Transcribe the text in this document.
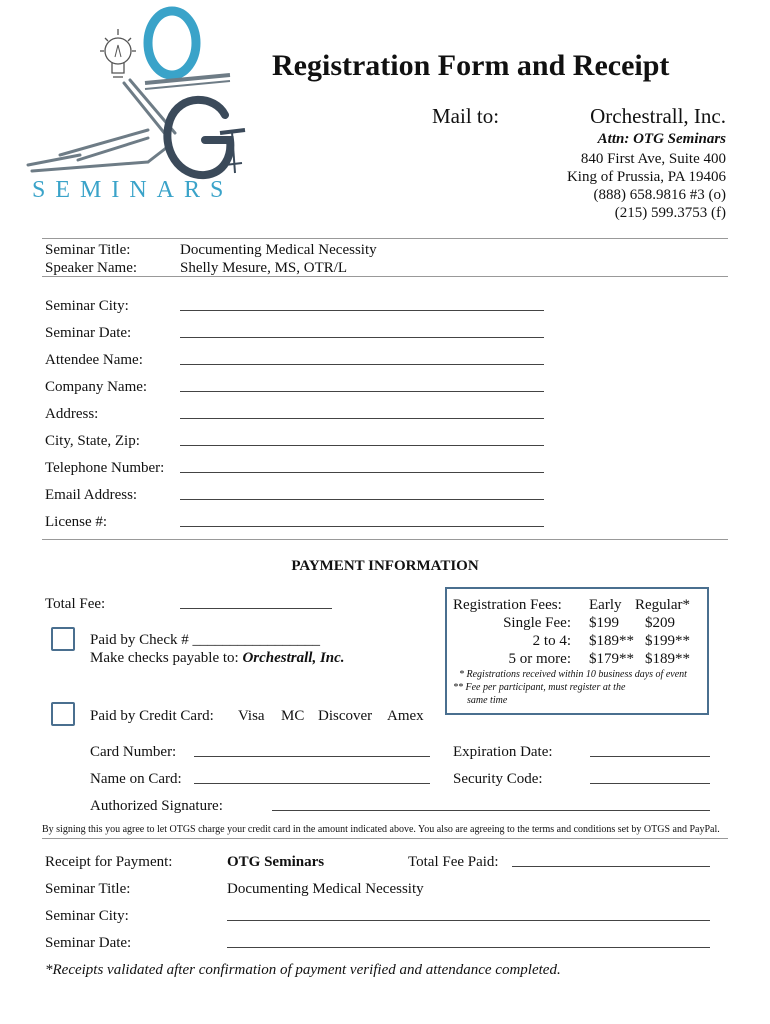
SEMINARS
Registration Form and Receipt
Mail to:	Orchestrall, Inc.
Attn: OTG Seminars
840 First Ave, Suite 400
King of Prussia, PA 19406
(888) 658.9816 #3 (o)
(215) 599.3753 (f)
Seminar Title:	Documenting Medical Necessity
Speaker Name:	Shelly Mesure, MS, OTR/L
Seminar City:
Seminar Date:
Attendee Name:
Company Name:
Address:
City, State, Zip:
Telephone Number:
Email Address:
License #:
PAYMENT INFORMATION
Total Fee:
Paid by Check # _________________
Make checks payable to: Orchestrall, Inc.
Registration Fees: Early Regular*
Single Fee: $199 $209
2 to 4: $189** $199**
5 or more: $179** $189**
* Registrations received within 10 business days of event
** Fee per participant, must register at the
same time
Paid by Credit Card: Visa MC Discover Amex
Card Number:	Expiration Date:
Name on Card:	Security Code:
Authorized Signature:
By signing this you agree to let OTGS charge your credit card in the amount indicated above. You also are agreeing to the terms and conditions set by OTGS and PayPal.
Receipt for Payment:	OTG Seminars	Total Fee Paid:
Seminar Title:	Documenting Medical Necessity
Seminar City:
Seminar Date:
*Receipts validated after confirmation of payment verified and attendance completed.
